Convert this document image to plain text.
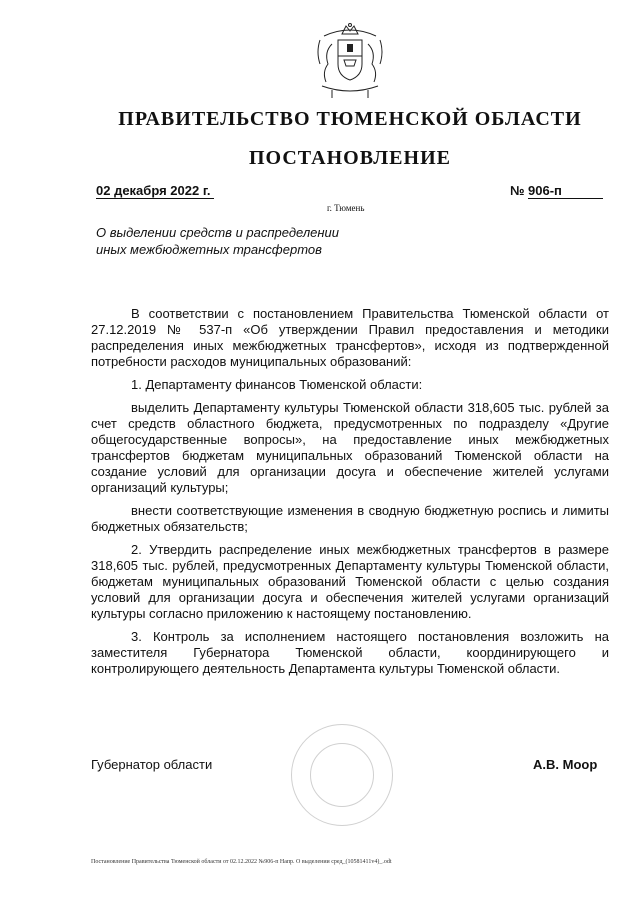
ПРАВИТЕЛЬСТВО ТЮМЕНСКОЙ ОБЛАСТИ
ПОСТАНОВЛЕНИЕ
02 декабря 2022 г.	№ 906-п
г. Тюмень
О выделении средств и распределении
иных межбюджетных трансфертов

В соответствии с постановлением Правительства Тюменской области от 27.12.2019 № 537-п «Об утверждении Правил предоставления и методики распределения иных межбюджетных трансфертов», исходя из подтвержденной потребности расходов муниципальных образований:

1. Департаменту финансов Тюменской области:

выделить Департаменту культуры Тюменской области 318,605 тыс. рублей за счет средств областного бюджета, предусмотренных по подразделу «Другие общегосударственные вопросы», на предоставление иных межбюджетных трансфертов бюджетам муниципальных образований Тюменской области на создание условий для организации досуга и обеспечение жителей услугами организаций культуры;

внести соответствующие изменения в сводную бюджетную роспись и лимиты бюджетных обязательств;

2. Утвердить распределение иных межбюджетных трансфертов в размере 318,605 тыс. рублей, предусмотренных Департаменту культуры Тюменской области, бюджетам муниципальных образований Тюменской области с целью создания условий для организации досуга и обеспечения жителей услугами организаций культуры согласно приложению к настоящему постановлению.

3. Контроль за исполнением настоящего постановления возложить на заместителя Губернатора Тюменской области, координирующего и контролирующего деятельность Департамента культуры Тюменской области.

Губернатор области	А.В. Моор
Постановление Правительства Тюменской области от 02.12.2022 №906-п Напр. О выделении сред_(10581411v4)_.odt
